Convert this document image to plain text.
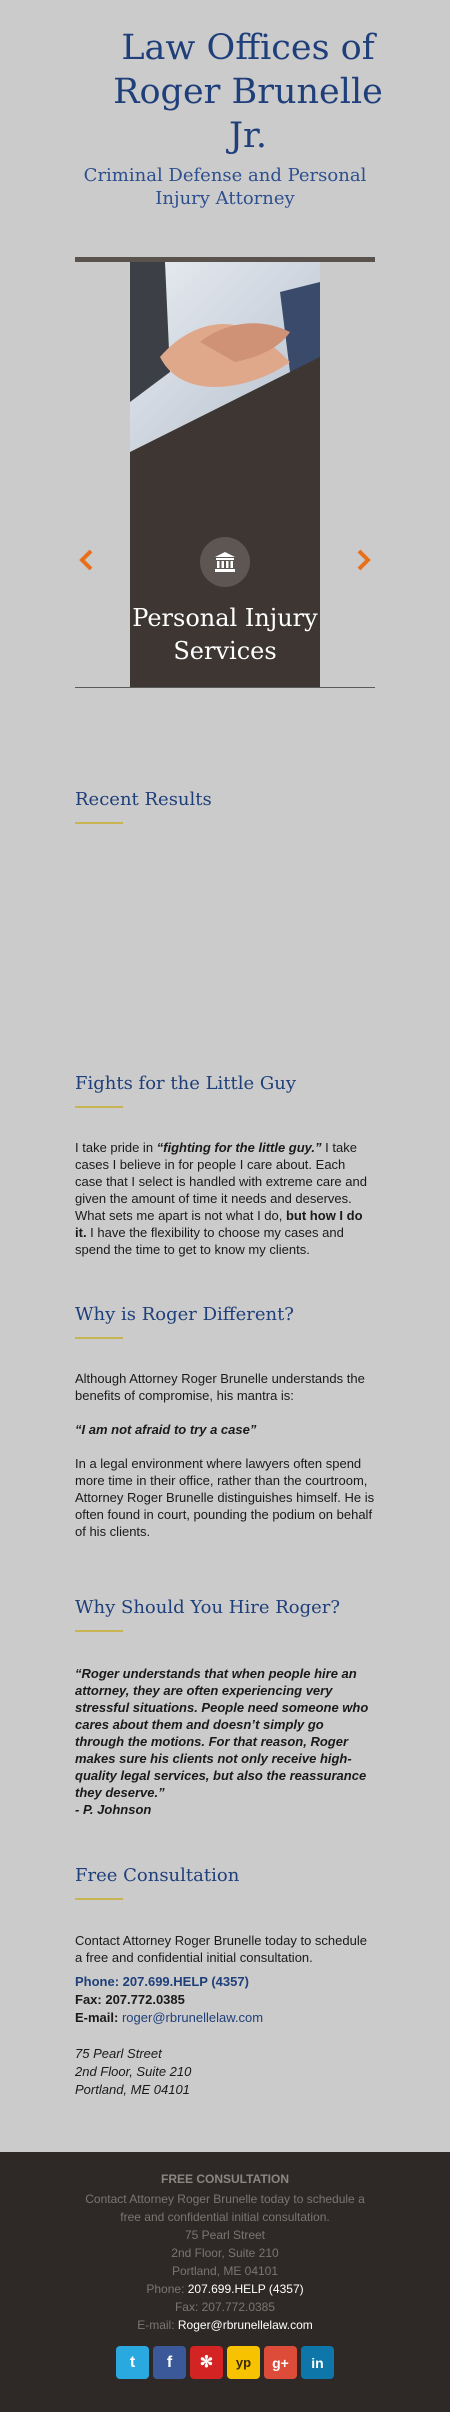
Law Offices of Roger Brunelle Jr.
Criminal Defense and Personal Injury Attorney
Personal Injury Services
Recent Results
Fights for the Little Guy

I take pride in “fighting for the little guy.” I take cases I believe in for people I care about. Each case that I select is handled with extreme care and given the amount of time it needs and deserves. What sets me apart is not what I do, but how I do it. I have the flexibility to choose my cases and spend the time to get to know my clients.

Why is Roger Different?

Although Attorney Roger Brunelle understands the benefits of compromise, his mantra is:

“I am not afraid to try a case”

In a legal environment where lawyers often spend more time in their office, rather than the courtroom, Attorney Roger Brunelle distinguishes himself. He is often found in court, pounding the podium on behalf of his clients.

Why Should You Hire Roger?

“Roger understands that when people hire an attorney, they are often experiencing very stressful situations. People need someone who cares about them and doesn’t simply go through the motions. For that reason, Roger makes sure his clients not only receive high-quality legal services, but also the reassurance they deserve.”
- P. Johnson

Free Consultation

Contact Attorney Roger Brunelle today to schedule a free and confidential initial consultation.

Phone: 207.699.HELP (4357)
Fax: 207.772.0385
E-mail: roger@rbrunellelaw.com
75 Pearl Street
2nd Floor, Suite 210
Portland, ME 04101
FREE CONSULTATION
Contact Attorney Roger Brunelle today to schedule a free and confidential initial consultation.
75 Pearl Street
2nd Floor, Suite 210
Portland, ME 04101
Phone: 207.699.HELP (4357)
Fax: 207.772.0385
E-mail: Roger@rbrunellelaw.com
t	f	✻	yp	g+	in
